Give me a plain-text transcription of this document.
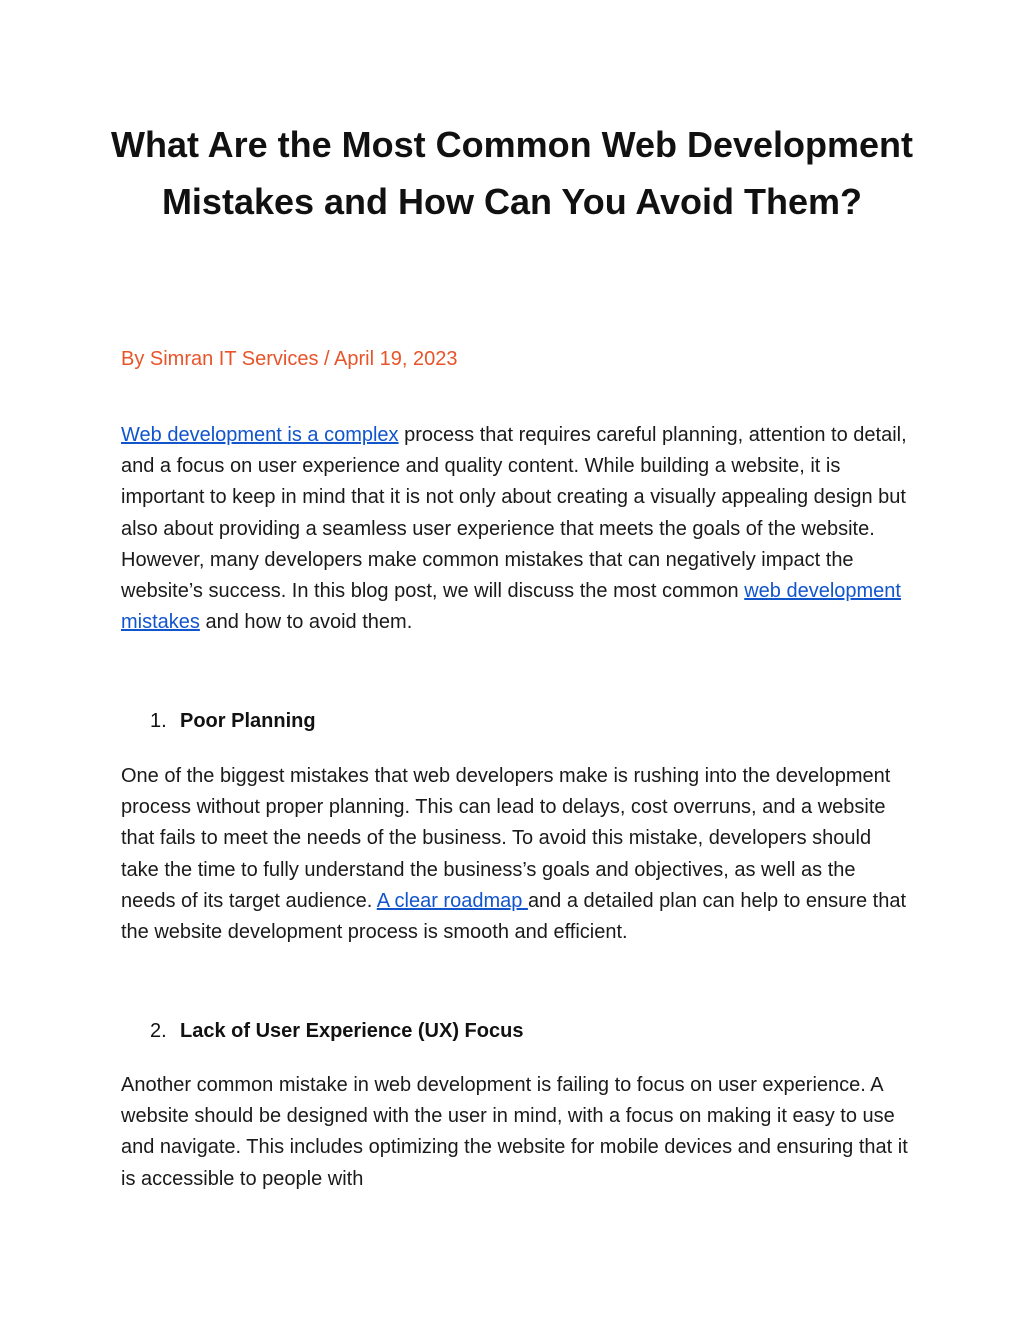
What Are the Most Common Web Development Mistakes and How Can You Avoid Them?

By Simran IT Services / April 19, 2023

Web development is a complex process that requires careful planning, attention to detail, and a focus on user experience and quality content. While building a website, it is important to keep in mind that it is not only about creating a visually appealing design but also about providing a seamless user experience that meets the goals of the website. However, many developers make common mistakes that can negatively impact the website’s success. In this blog post, we will discuss the most common web development mistakes and how to avoid them.

1. Poor Planning

One of the biggest mistakes that web developers make is rushing into the development process without proper planning. This can lead to delays, cost overruns, and a website that fails to meet the needs of the business. To avoid this mistake, developers should take the time to fully understand the business’s goals and objectives, as well as the needs of its target audience. A clear roadmap and a detailed plan can help to ensure that the website development process is smooth and efficient.

2. Lack of User Experience (UX) Focus

Another common mistake in web development is failing to focus on user experience. A website should be designed with the user in mind, with a focus on making it easy to use and navigate. This includes optimizing the website for mobile devices and ensuring that it is accessible to people with
